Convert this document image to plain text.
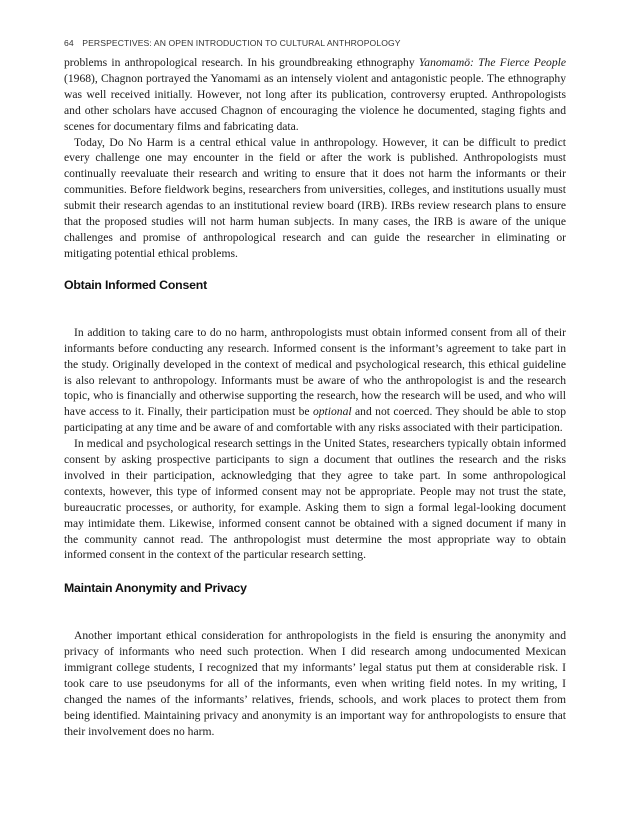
64 PERSPECTIVES: AN OPEN INTRODUCTION TO CULTURAL ANTHROPOLOGY

problems in anthropological research. In his groundbreaking ethnography Yanomamö: The Fierce People (1968), Chagnon portrayed the Yanomami as an intensely violent and antagonistic people. The ethnography was well received initially. However, not long after its publication, controversy erupted. Anthropologists and other scholars have accused Chagnon of encouraging the violence he documented, staging fights and scenes for documentary films and fabricating data.

Today, Do No Harm is a central ethical value in anthropology. However, it can be difficult to predict every challenge one may encounter in the field or after the work is published. Anthropologists must continually reevaluate their research and writing to ensure that it does not harm the informants or their communities. Before fieldwork begins, researchers from universities, colleges, and institutions usually must submit their research agendas to an institutional review board (IRB). IRBs review research plans to ensure that the proposed studies will not harm human subjects. In many cases, the IRB is aware of the unique challenges and promise of anthropological research and can guide the researcher in eliminating or mitigating potential ethical problems.

Obtain Informed Consent

In addition to taking care to do no harm, anthropologists must obtain informed consent from all of their informants before conducting any research. Informed consent is the informant’s agreement to take part in the study. Originally developed in the context of medical and psychological research, this ethical guideline is also relevant to anthropology. Informants must be aware of who the anthropologist is and the research topic, who is financially and otherwise supporting the research, how the research will be used, and who will have access to it. Finally, their participation must be optional and not coerced. They should be able to stop participating at any time and be aware of and comfortable with any risks associated with their participation.

In medical and psychological research settings in the United States, researchers typically obtain informed consent by asking prospective participants to sign a document that outlines the research and the risks involved in their participation, acknowledging that they agree to take part. In some anthropological contexts, however, this type of informed consent may not be appropriate. People may not trust the state, bureaucratic processes, or authority, for example. Asking them to sign a formal legal-looking document may intimidate them. Likewise, informed consent cannot be obtained with a signed document if many in the community cannot read. The anthropologist must determine the most appropriate way to obtain informed consent in the context of the particular research setting.

Maintain Anonymity and Privacy

Another important ethical consideration for anthropologists in the field is ensuring the anonymity and privacy of informants who need such protection. When I did research among undocumented Mexican immigrant college students, I recognized that my informants’ legal status put them at considerable risk. I took care to use pseudonyms for all of the informants, even when writing field notes. In my writing, I changed the names of the informants’ relatives, friends, schools, and work places to protect them from being identified. Maintaining privacy and anonymity is an important way for anthropologists to ensure that their involvement does no harm.
